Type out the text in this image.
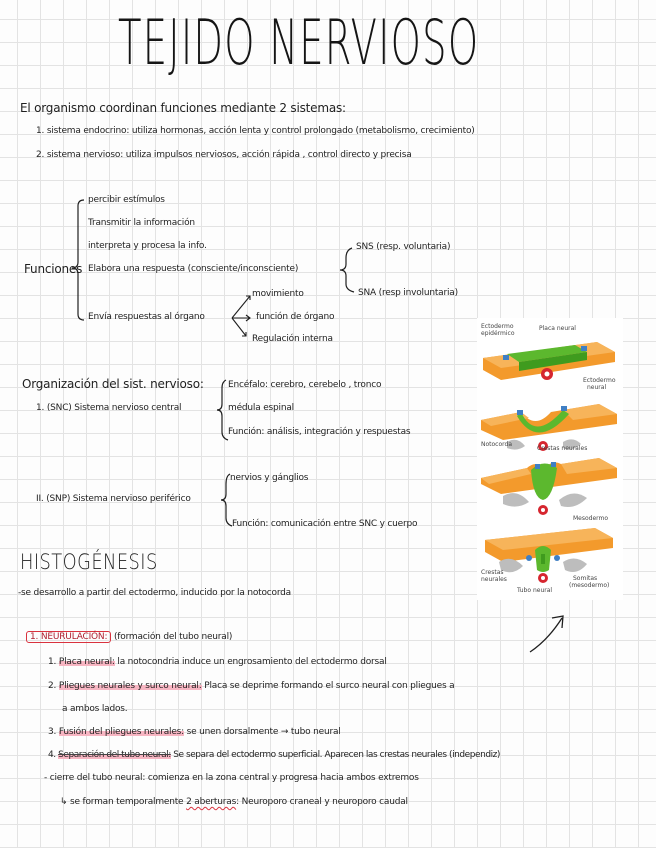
TEJIDO NERVIOSO
El organismo coordinan funciones mediante 2 sistemas:
1. sistema endocrino: utiliza hormonas, acción lenta y control prolongado (metabolismo, crecimiento)
2. sistema nervioso: utiliza impulsos nerviosos, acción rápida , control directo y precisa
Funciones
percibir estímulos
Transmitir la información
interpreta y procesa la info.
Elabora una respuesta (consciente/inconsciente)
Envía respuestas al órgano
SNS (resp. voluntaria)
SNA (resp involuntaria)
movimiento
función de órgano
Regulación interna
Organización del sist. nervioso:
1. (SNC) Sistema nervioso central
Encéfalo: cerebro, cerebelo , tronco
médula espinal
Función: análisis, integración y respuestas
II. (SNP) Sistema nervioso periférico
nervios y gánglios
Función: comunicación entre SNC y cuerpo
HISTOGÉNESIS
-se desarrollo a partir del ectodermo, inducido por la notocorda
1. NEURULACIÓN: (formación del tubo neural)
1. Placa neural: la notocondria induce un engrosamiento del ectodermo dorsal
2. Pliegues neurales y surco neural: Placa se deprime formando el surco neural con pliegues a
a ambos lados.
3. Fusión del pliegues neurales: se unen dorsalmente → tubo neural
4. Separación del tubo neural: Se separa del ectodermo superficial. Aparecen las crestas neurales (independiz)
- cierre del tubo neural: comienza en la zona central y progresa hacia ambos extremos
↳ se forman temporalmente 2 aberturas: Neuroporo craneal y neuroporo caudal
Ectodermo
epidérmico
Placa neural
Ectodermo
neural
Notocorda
Crestas neurales
Mesodermo
Crestas
neurales
Tubo neural
Somitas
(mesodermo)
